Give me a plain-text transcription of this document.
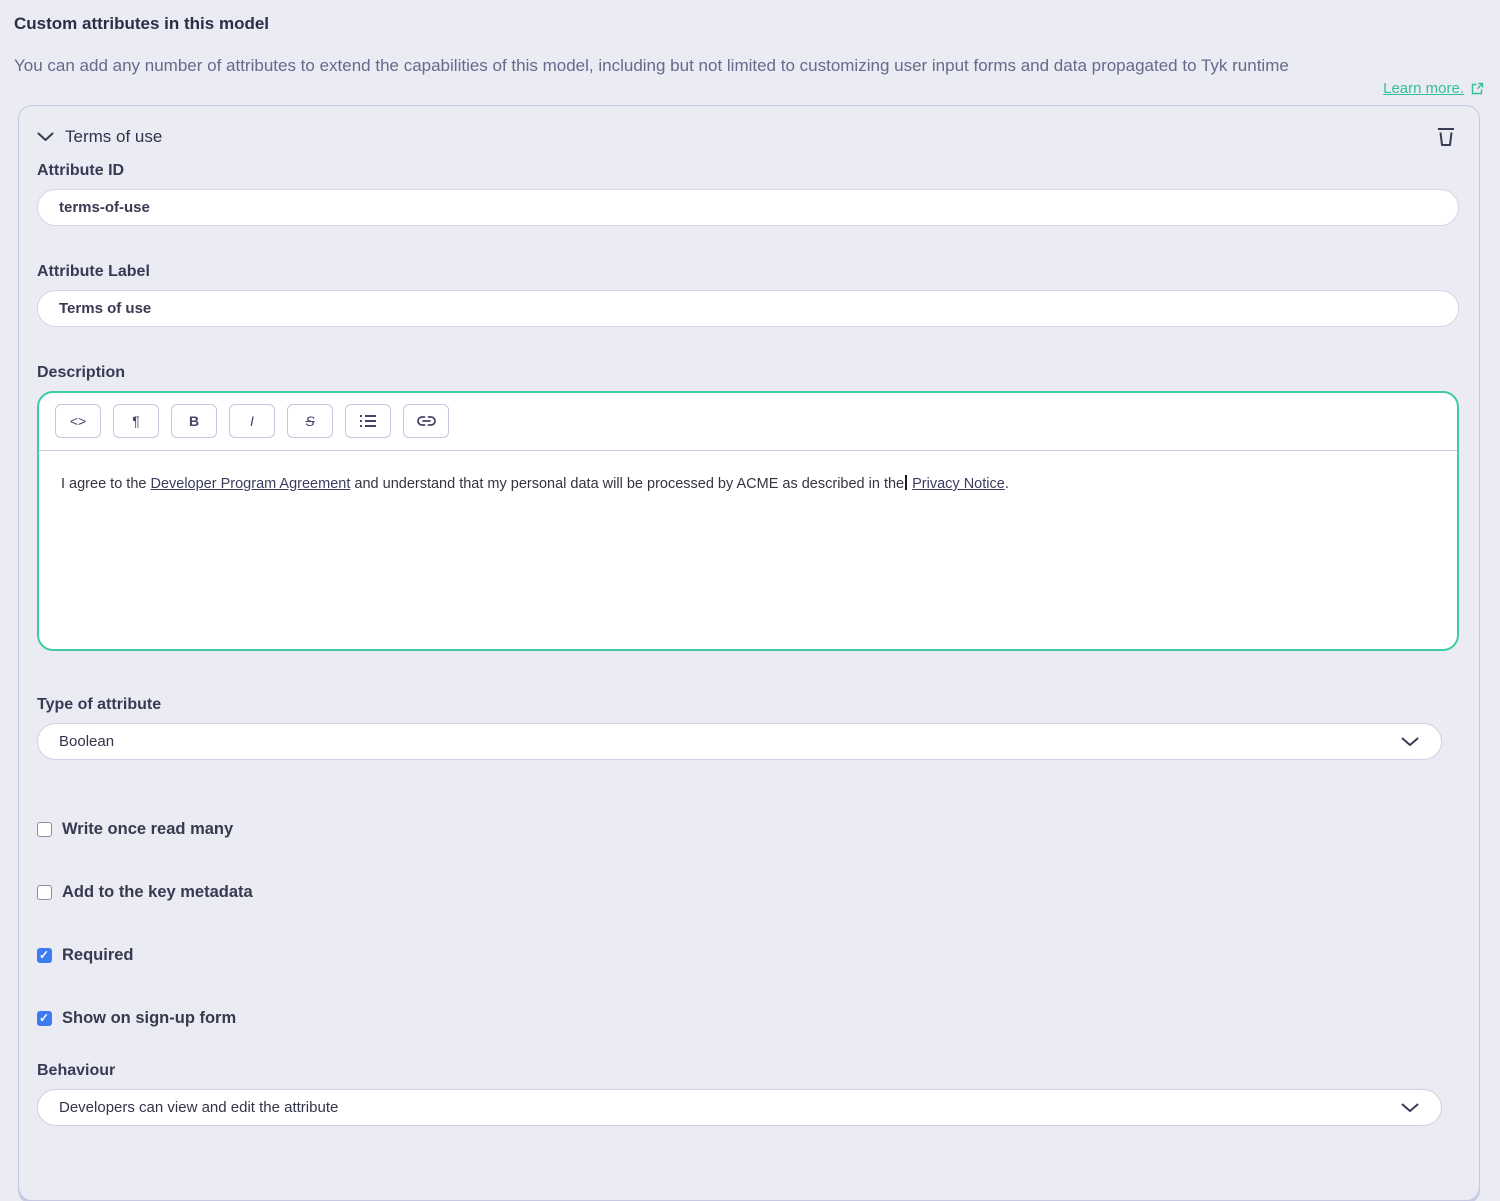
Custom attributes in this model

You can add any number of attributes to extend the capabilities of this model, including but not limited to customizing user input forms and data propagated to Tyk runtime

Learn more.
Terms of use

Attribute ID

terms-of-use

Attribute Label

Terms of use

Description

<>	¶	B	I	S
I agree to the Developer Program Agreement and understand that my personal data will be processed by ACME as described in the Privacy Notice.

Type of attribute

Boolean
Write once read many
Add to the key metadata
✓
Required
✓
Show on sign-up form

Behaviour

Developers can view and edit the attribute
